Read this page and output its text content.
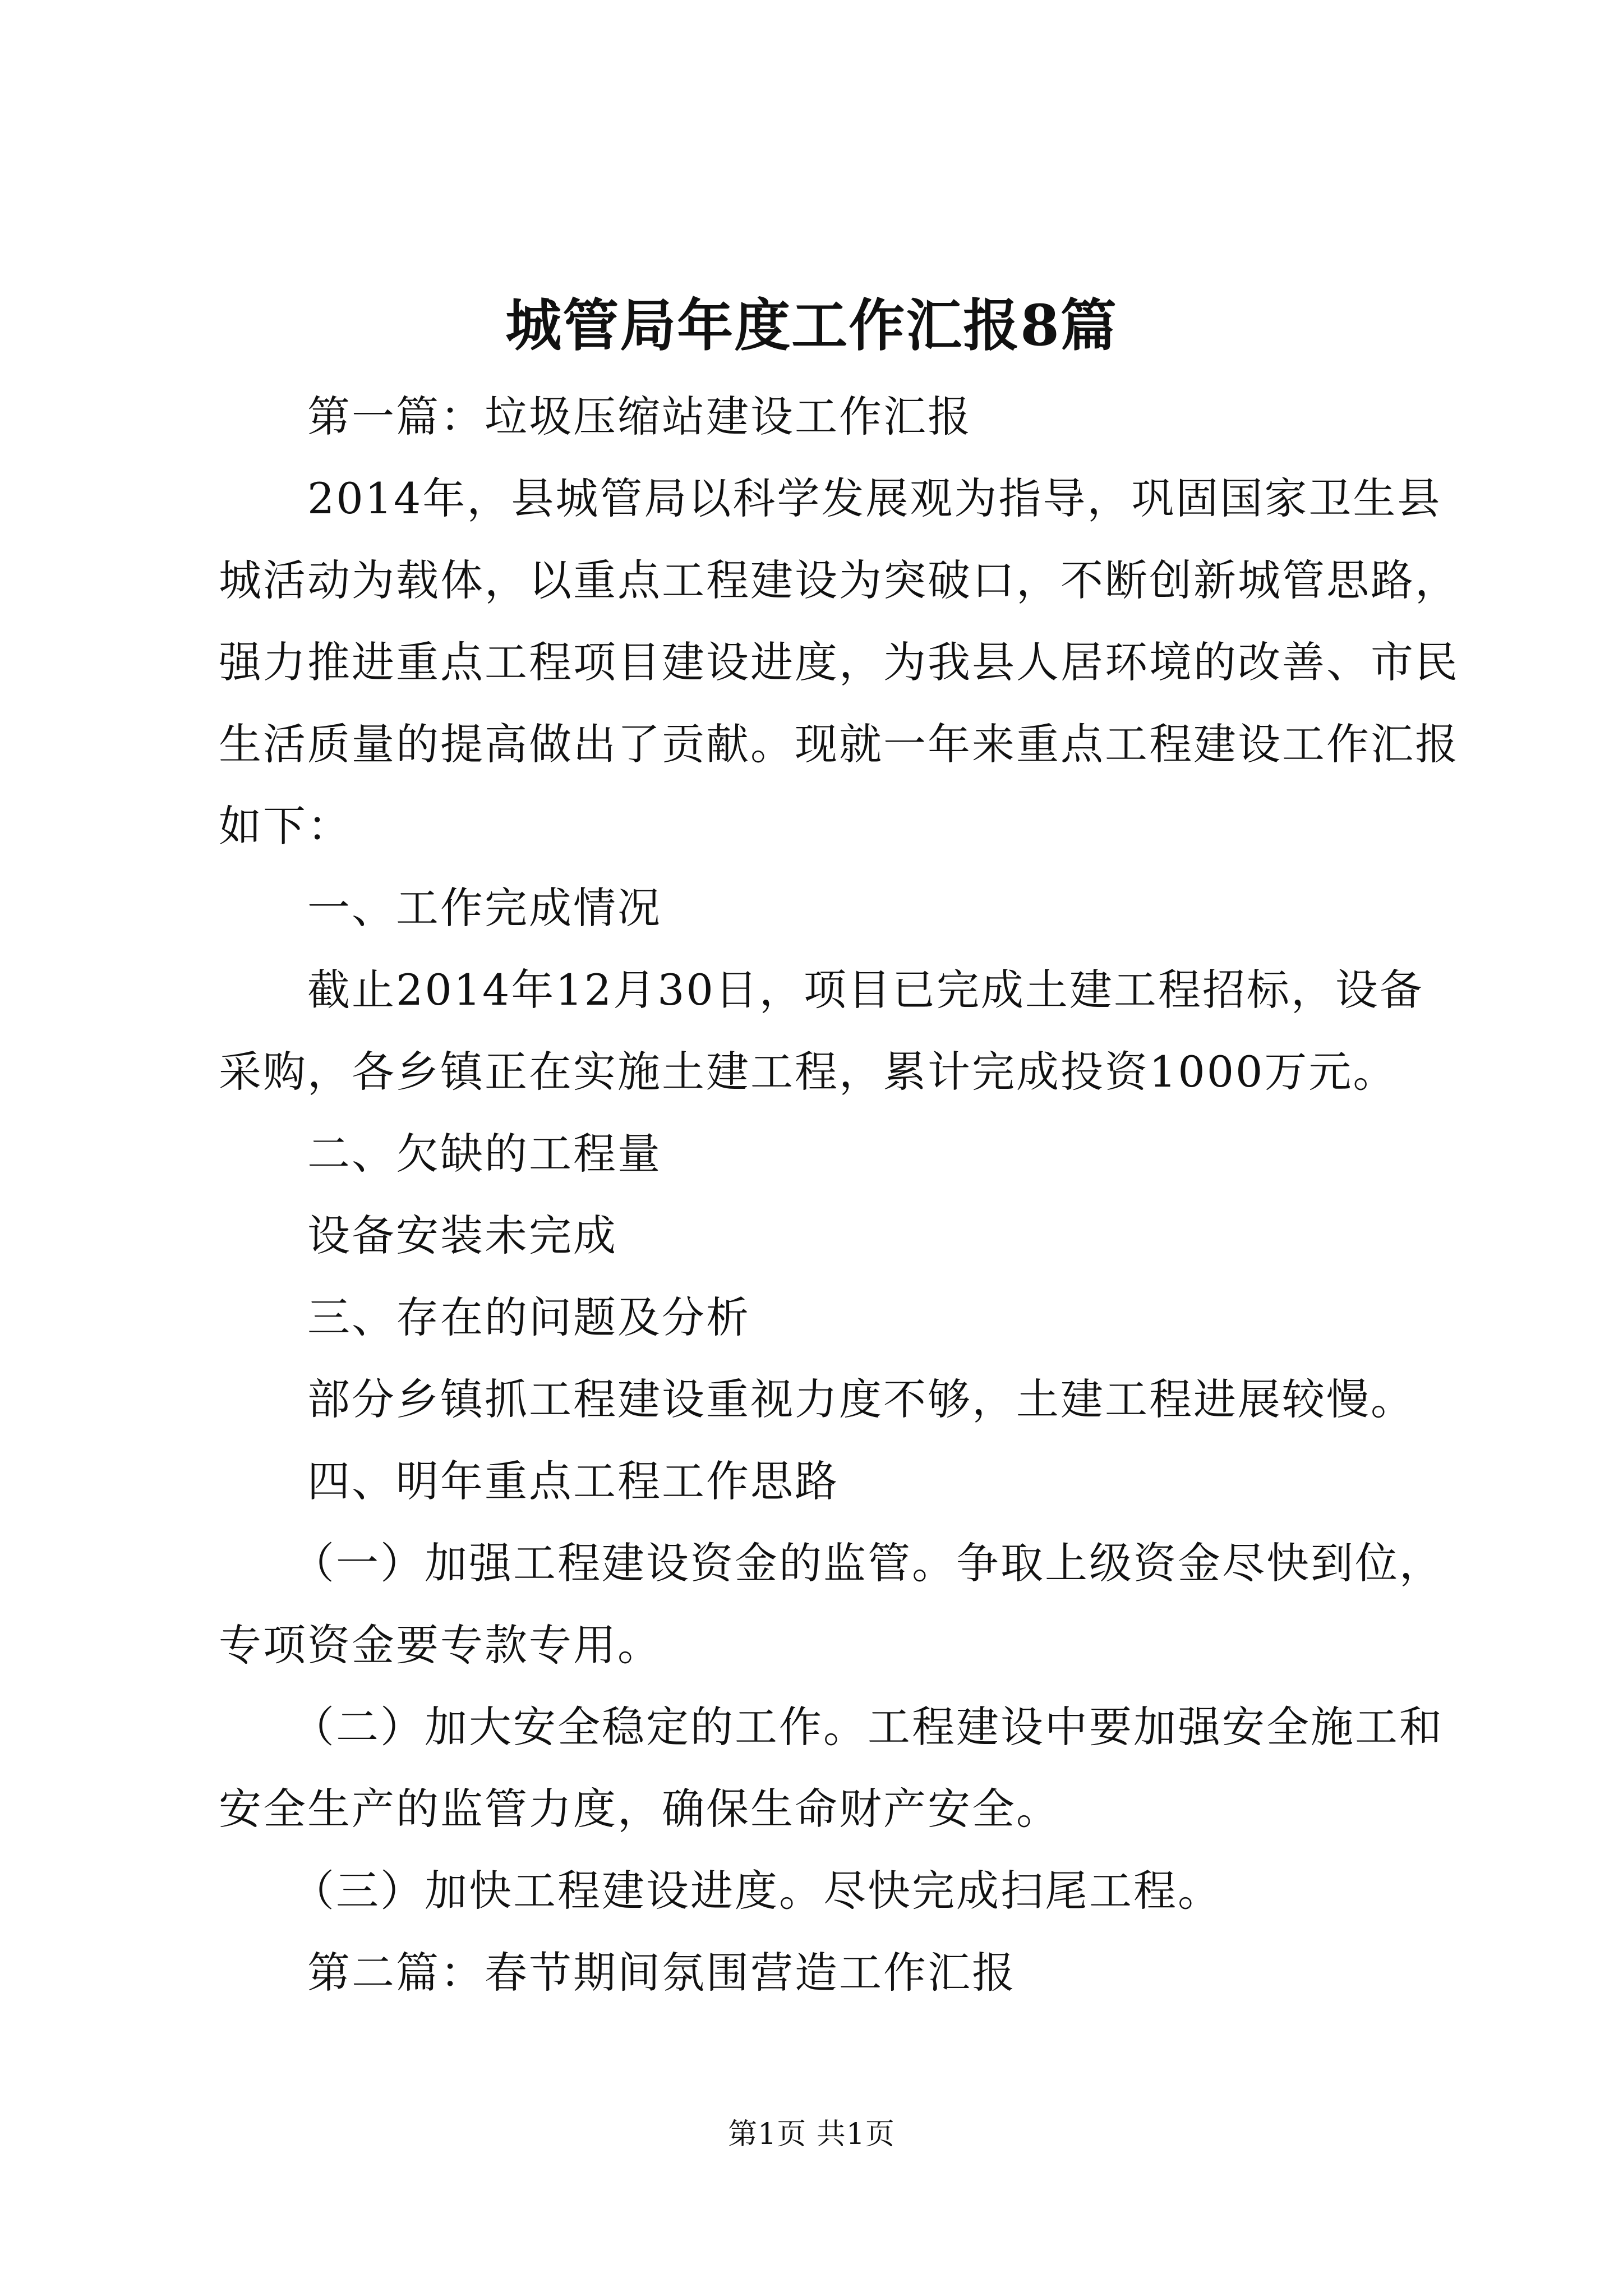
城管局年度工作汇报8篇
第一篇：垃圾压缩站建设工作汇报
2014年，县城管局以科学发展观为指导，巩固国家卫生县
城活动为载体，以重点工程建设为突破口，不断创新城管思路，
强力推进重点工程项目建设进度，为我县人居环境的改善、市民
生活质量的提高做出了贡献。现就一年来重点工程建设工作汇报
如下：
一、工作完成情况
截止2014年12月30日，项目已完成土建工程招标，设备
采购，各乡镇正在实施土建工程，累计完成投资1000万元。
二、欠缺的工程量
设备安装未完成
三、存在的问题及分析
部分乡镇抓工程建设重视力度不够，土建工程进展较慢。
四、明年重点工程工作思路
（一）加强工程建设资金的监管。争取上级资金尽快到位，
专项资金要专款专用。
（二）加大安全稳定的工作。工程建设中要加强安全施工和
安全生产的监管力度，确保生命财产安全。
（三）加快工程建设进度。尽快完成扫尾工程。
第二篇：春节期间氛围营造工作汇报
第1页 共1页
